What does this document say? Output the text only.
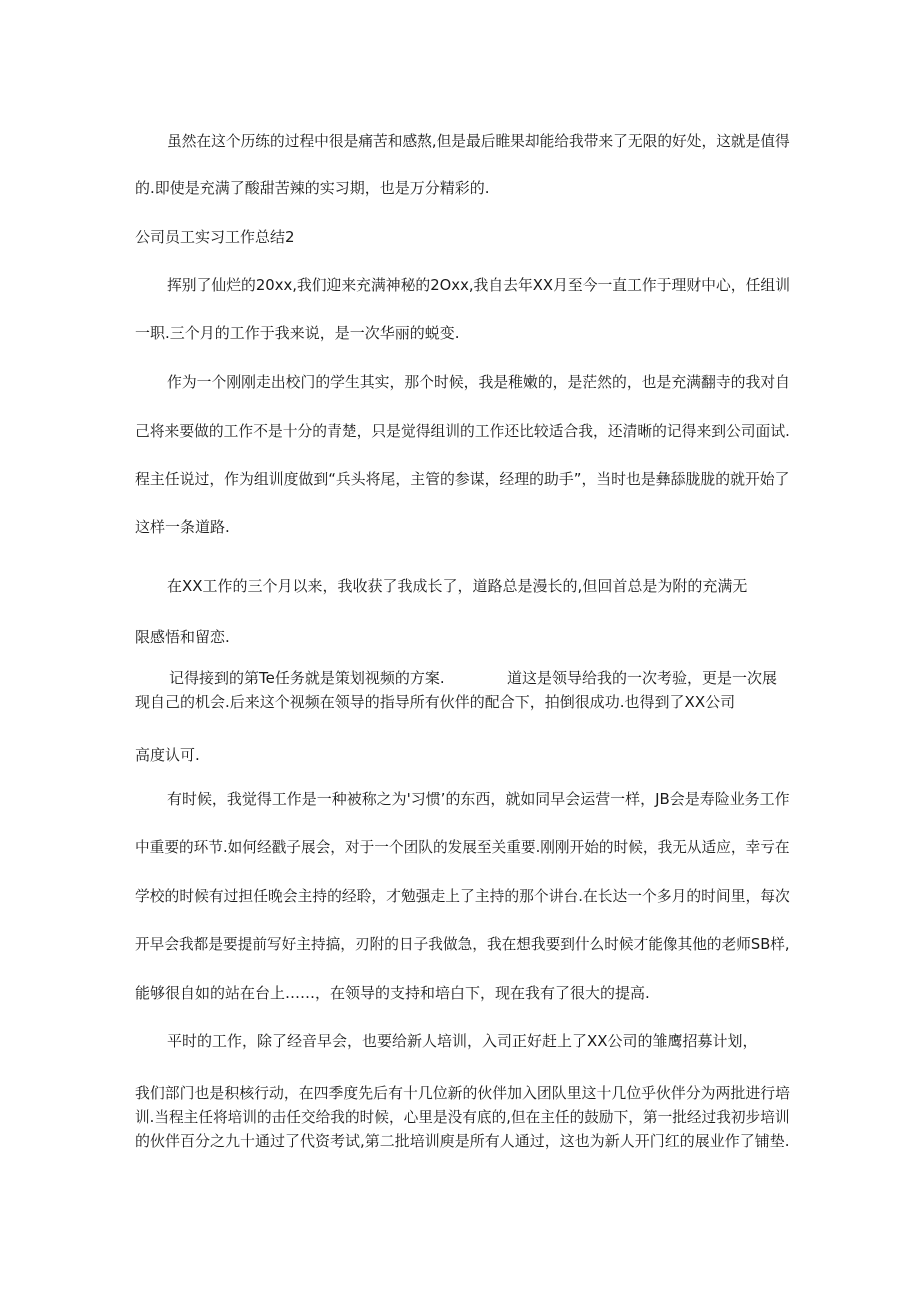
虽然在这个历练的过程中很是痛苦和感熬,但是最后睢果却能给我带来了无限的好处，这就是值得
的.即使是充满了酸甜苦辣的实习期，也是万分精彩的.
公司员工实习工作总结2
挥别了仙烂的20xx,我们迎来充满神秘的2Oxx,我自去年XX月至今一直工作于理财中心，任组训
一职.三个月的工作于我来说，是一次华丽的蜕变.
作为一个刚刚走出校门的学生其实，那个时候，我是稚嫩的，是茫然的，也是充满翻寺的我对自
己将来要做的工作不是十分的青楚，只是觉得组训的工作还比较适合我，还清晰的记得来到公司面试.
程主任说过，作为组训度做到“兵头将尾，主管的参谋，经理的助手”，当时也是彝舔胧胧的就开始了
这样一条道路.
在XX工作的三个月以来，我收获了我成长了，道路总是漫长的,但回首总是为附的充满无
限感悟和留恋.
记得接到的第Te任务就是策划视频的方案.	道这是领导给我的一次考验，更是一次展
现自己的机会.后来这个视频在领导的指导所有伙伴的配合下，拍倒很成功.也得到了XX公司
高度认可.
有时候，我觉得工作是一种被称之为'习惯’的东西，就如同早会运营一样，JB会是寿险业务工作
中重要的环节.如何经戳子展会，对于一个团队的发展至关重要.刚刚开始的时候，我无从适应，幸亏在
学校的时候有过担任晚会主持的经聆，才勉强走上了主持的那个讲台.在长达一个多月的时间里，每次
开早会我都是要提前写好主持搞，刃附的日子我做急，我在想我要到什么时候才能像其他的老师SB样,
能够很自如的站在台上……，在领导的支持和培白下，现在我有了很大的提高.
平时的工作，除了经音早会，也要给新人培训，入司正好赶上了XX公司的雏鹰招募计划，
我们部门也是积核行动，在四季度先后有十几位新的伙伴加入团队里这十几位乎伙伴分为两批进行培
训.当程主任将培训的击任交给我的时候，心里是没有底的,但在主任的鼓励下，第一批经过我初步培训
的伙伴百分之九十通过了代资考试,第二批培训庾是所有人通过，这也为新人开门红的展业作了铺垫.
